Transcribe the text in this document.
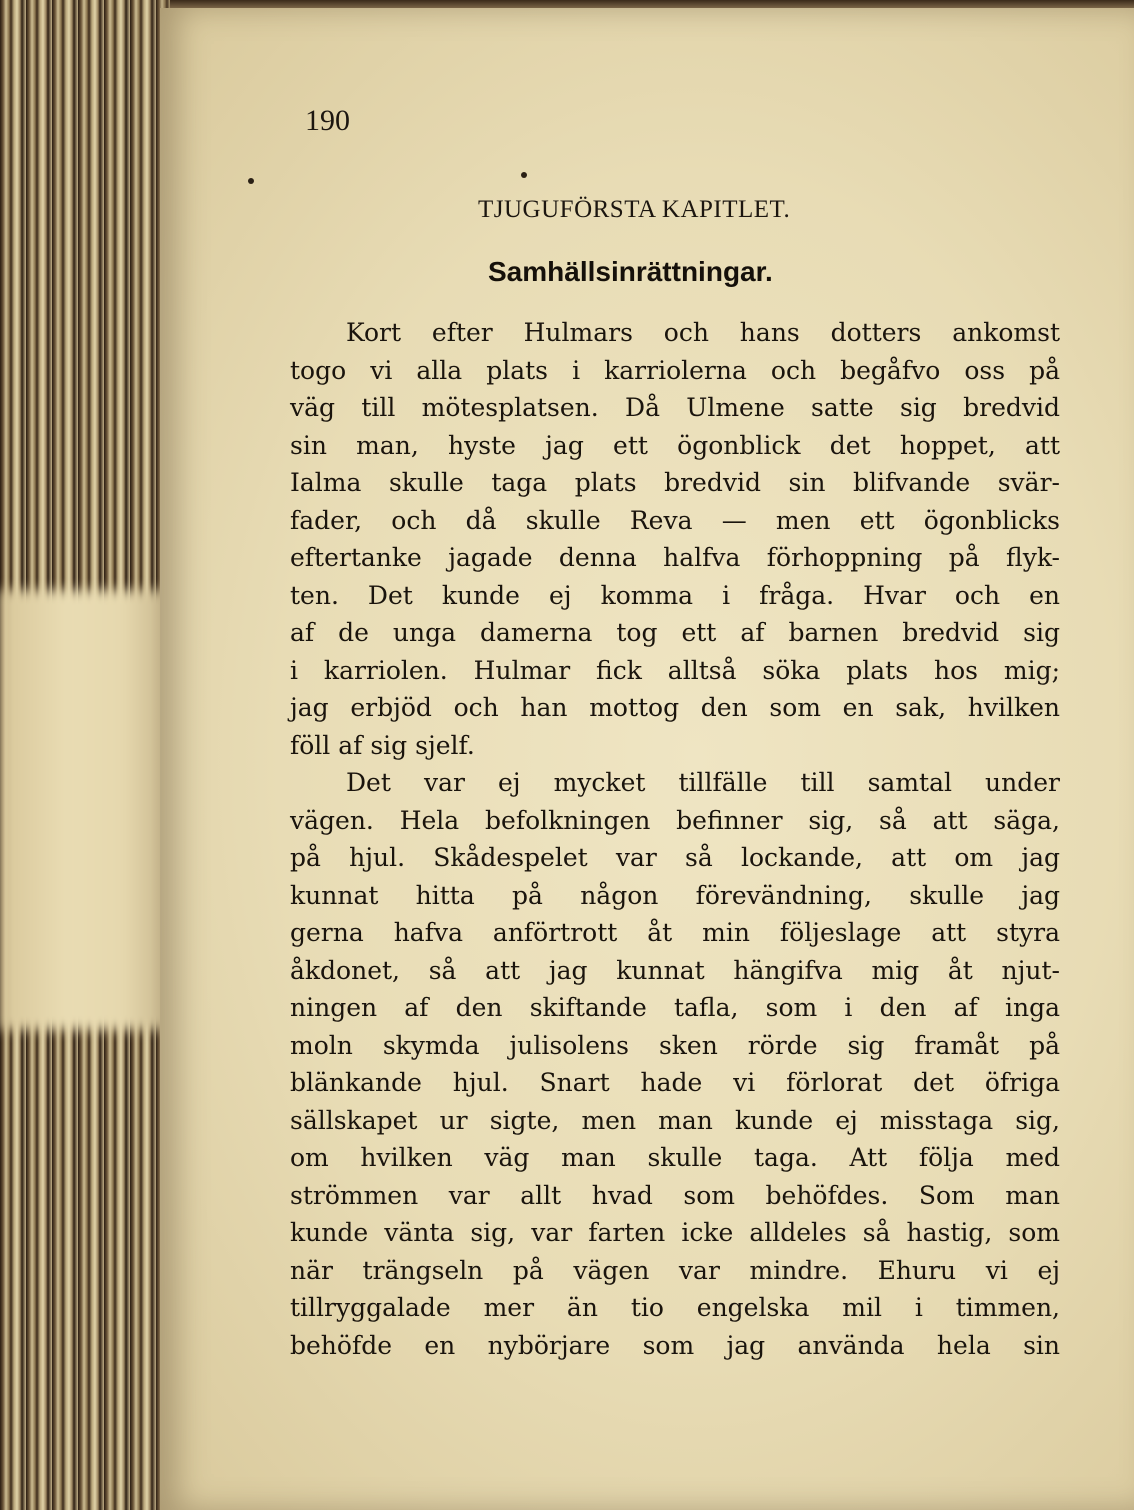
190
TJUGUFÖRSTA KAPITLET.
Samhällsinrättningar.
Kort efter Hulmars och hans dotters ankomst
togo vi alla plats i karriolerna och begåfvo oss på
väg till mötesplatsen. Då Ulmene satte sig bredvid
sin man, hyste jag ett ögonblick det hoppet, att
Ialma skulle taga plats bredvid sin blifvande svär-
fader, och då skulle Reva — men ett ögonblicks
eftertanke jagade denna halfva förhoppning på flyk-
ten. Det kunde ej komma i fråga. Hvar och en
af de unga damerna tog ett af barnen bredvid sig
i karriolen. Hulmar fick alltså söka plats hos mig;
jag erbjöd och han mottog den som en sak, hvilken
föll af sig sjelf.
Det var ej mycket tillfälle till samtal under
vägen. Hela befolkningen befinner sig, så att säga,
på hjul. Skådespelet var så lockande, att om jag
kunnat hitta på någon förevändning, skulle jag
gerna hafva anförtrott åt min följeslage att styra
åkdonet, så att jag kunnat hängifva mig åt njut-
ningen af den skiftande tafla, som i den af inga
moln skymda julisolens sken rörde sig framåt på
blänkande hjul. Snart hade vi förlorat det öfriga
sällskapet ur sigte, men man kunde ej misstaga sig,
om hvilken väg man skulle taga. Att följa med
strömmen var allt hvad som behöfdes. Som man
kunde vänta sig, var farten icke alldeles så hastig, som
när trängseln på vägen var mindre. Ehuru vi ej
tillryggalade mer än tio engelska mil i timmen,
behöfde en nybörjare som jag använda hela sin
